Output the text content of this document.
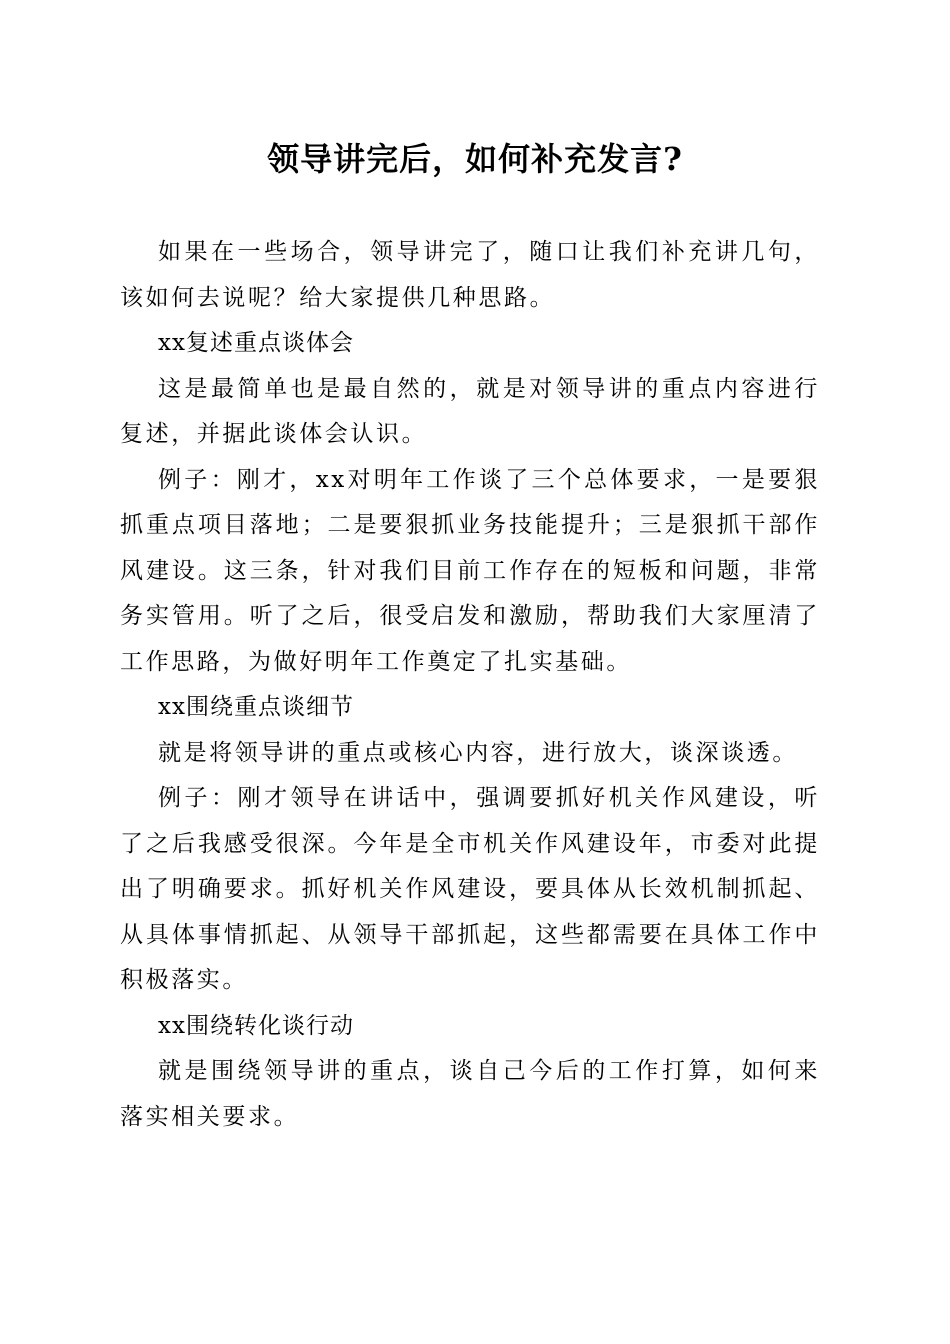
领导讲完后，如何补充发言?

如果在一些场合，领导讲完了，随口让我们补充讲几句，该如何去说呢？给大家提供几种思路。

xx复述重点谈体会

这是最简单也是最自然的，就是对领导讲的重点内容进行复述，并据此谈体会认识。

例子：刚才，xx对明年工作谈了三个总体要求，一是要狠抓重点项目落地；二是要狠抓业务技能提升；三是狠抓干部作风建设。这三条，针对我们目前工作存在的短板和问题，非常务实管用。听了之后，很受启发和激励，帮助我们大家厘清了工作思路，为做好明年工作奠定了扎实基础。

xx围绕重点谈细节

就是将领导讲的重点或核心内容，进行放大，谈深谈透。

例子：刚才领导在讲话中，强调要抓好机关作风建设，听了之后我感受很深。今年是全市机关作风建设年，市委对此提出了明确要求。抓好机关作风建设，要具体从长效机制抓起、从具体事情抓起、从领导干部抓起，这些都需要在具体工作中积极落实。

xx围绕转化谈行动

就是围绕领导讲的重点，谈自己今后的工作打算，如何来落实相关要求。
